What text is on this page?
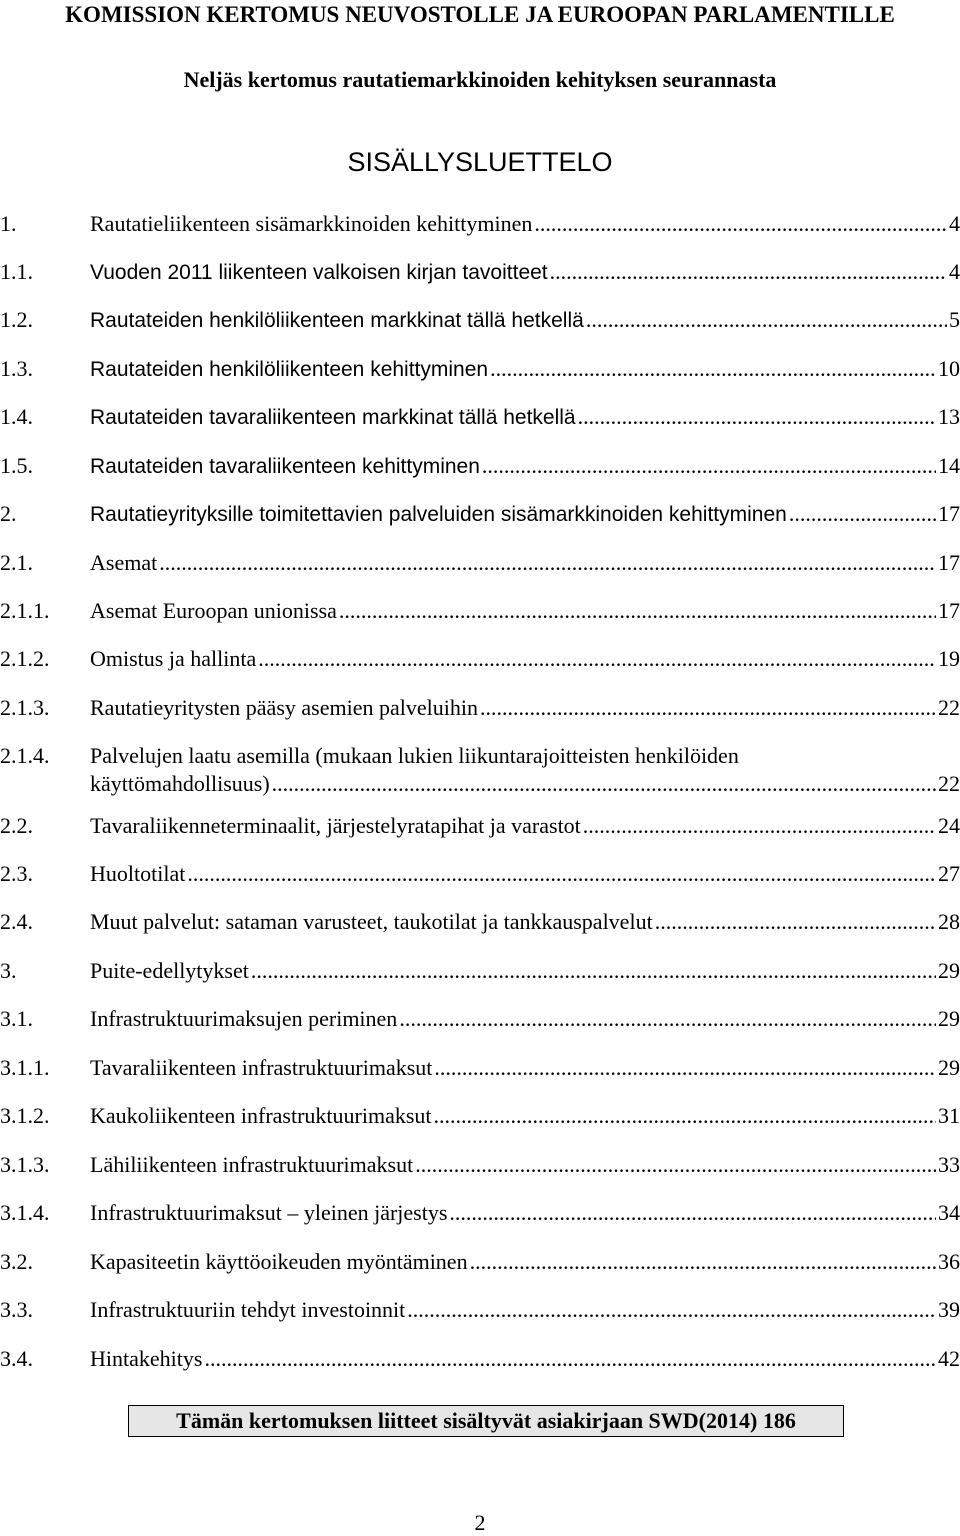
KOMISSION KERTOMUS NEUVOSTOLLE JA EUROOPAN PARLAMENTILLE
Neljäs kertomus rautatiemarkkinoiden kehityksen seurannasta
SISÄLLYSLUETTELO
1.	Rautatieliikenteen sisämarkkinoiden kehittyminen .....	4
1.1.	Vuoden 2011 liikenteen valkoisen kirjan tavoitteet .....	4
1.2.	Rautateiden henkilöliikenteen markkinat tällä hetkellä .....	5
1.3.	Rautateiden henkilöliikenteen kehittyminen .....	10
1.4.	Rautateiden tavaraliikenteen markkinat tällä hetkellä .....	13
1.5.	Rautateiden tavaraliikenteen kehittyminen .....	14
2.	Rautatieyrityksille toimitettavien palveluiden sisämarkkinoiden kehittyminen .....	17
2.1.	Asemat .....	17
2.1.1. Asemat Euroopan unionissa .....	17
2.1.2. Omistus ja hallinta .....	19
2.1.3. Rautatieyritysten pääsy asemien palveluihin .....	22
2.1.4. Palvelujen laatu asemilla (mukaan lukien liikuntarajoitteisten henkilöiden
käyttömahdollisuus) .....	22
2.2.	Tavaraliikenneterminaalit, järjestelyratapihat ja varastot .....	24
2.3.	Huoltotilat .....	27
2.4.	Muut palvelut: sataman varusteet, taukotilat ja tankkauspalvelut .....	28
3.	Puite-edellytykset .....	29
3.1.	Infrastruktuurimaksujen periminen .....	29
3.1.1. Tavaraliikenteen infrastruktuurimaksut .....	29
3.1.2. Kaukoliikenteen infrastruktuurimaksut .....	31
3.1.3. Lähiliikenteen infrastruktuurimaksut .....	33
3.1.4. Infrastruktuurimaksut – yleinen järjestys .....	34
3.2.	Kapasiteetin käyttöoikeuden myöntäminen .....	36
3.3.	Infrastruktuuriin tehdyt investoinnit .....	39
3.4.	Hintakehitys .....	42
Tämän kertomuksen liitteet sisältyvät asiakirjaan SWD(2014) 186
2
